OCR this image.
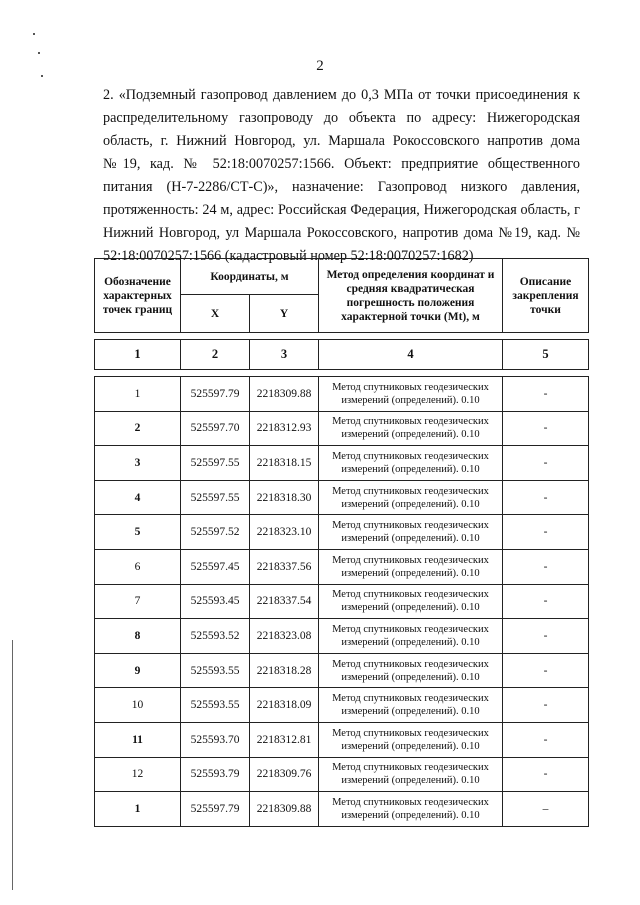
2

2. «Подземный газопровод давлением до 0,3 МПа от точки присоединения к распределительному газопроводу до объекта по адресу: Нижегородская область, г. Нижний Новгород, ул. Маршала Рокоссовского напротив дома №19, кад. № 52:18:0070257:1566. Объект: предприятие общественного питания (Н-7-2286/СТ-С)», назначение: Газопровод низкого давления, протяженность: 24 м, адрес: Российская Федерация, Нижегородская область, г Нижний Новгород, ул Маршала Рокоссовского, напротив дома №19, кад. № 52:18:0070257:1566 (кадастровый номер 52:18:0070257:1682)

Обозначение характерных точек границ	Координаты, м		Метод определения координат и средняя квадратическая погрешность положения характерной точки (Mt), м	Описание закрепления точки
	X	Y		

1	2	3	4	5

1	525597.79	2218309.88	Метод спутниковых геодезических измерений (определений). 0.10	-
2	525597.70	2218312.93	Метод спутниковых геодезических измерений (определений). 0.10	-
3	525597.55	2218318.15	Метод спутниковых геодезических измерений (определений). 0.10	-
4	525597.55	2218318.30	Метод спутниковых геодезических измерений (определений). 0.10	-
5	525597.52	2218323.10	Метод спутниковых геодезических измерений (определений). 0.10	-
6	525597.45	2218337.56	Метод спутниковых геодезических измерений (определений). 0.10	-
7	525593.45	2218337.54	Метод спутниковых геодезических измерений (определений). 0.10	-
8	525593.52	2218323.08	Метод спутниковых геодезических измерений (определений). 0.10	-
9	525593.55	2218318.28	Метод спутниковых геодезических измерений (определений). 0.10	-
10	525593.55	2218318.09	Метод спутниковых геодезических измерений (определений). 0.10	-
11	525593.70	2218312.81	Метод спутниковых геодезических измерений (определений). 0.10	-
12	525593.79	2218309.76	Метод спутниковых геодезических измерений (определений). 0.10	-
1	525597.79	2218309.88	Метод спутниковых геодезических измерений (определений). 0.10	–
